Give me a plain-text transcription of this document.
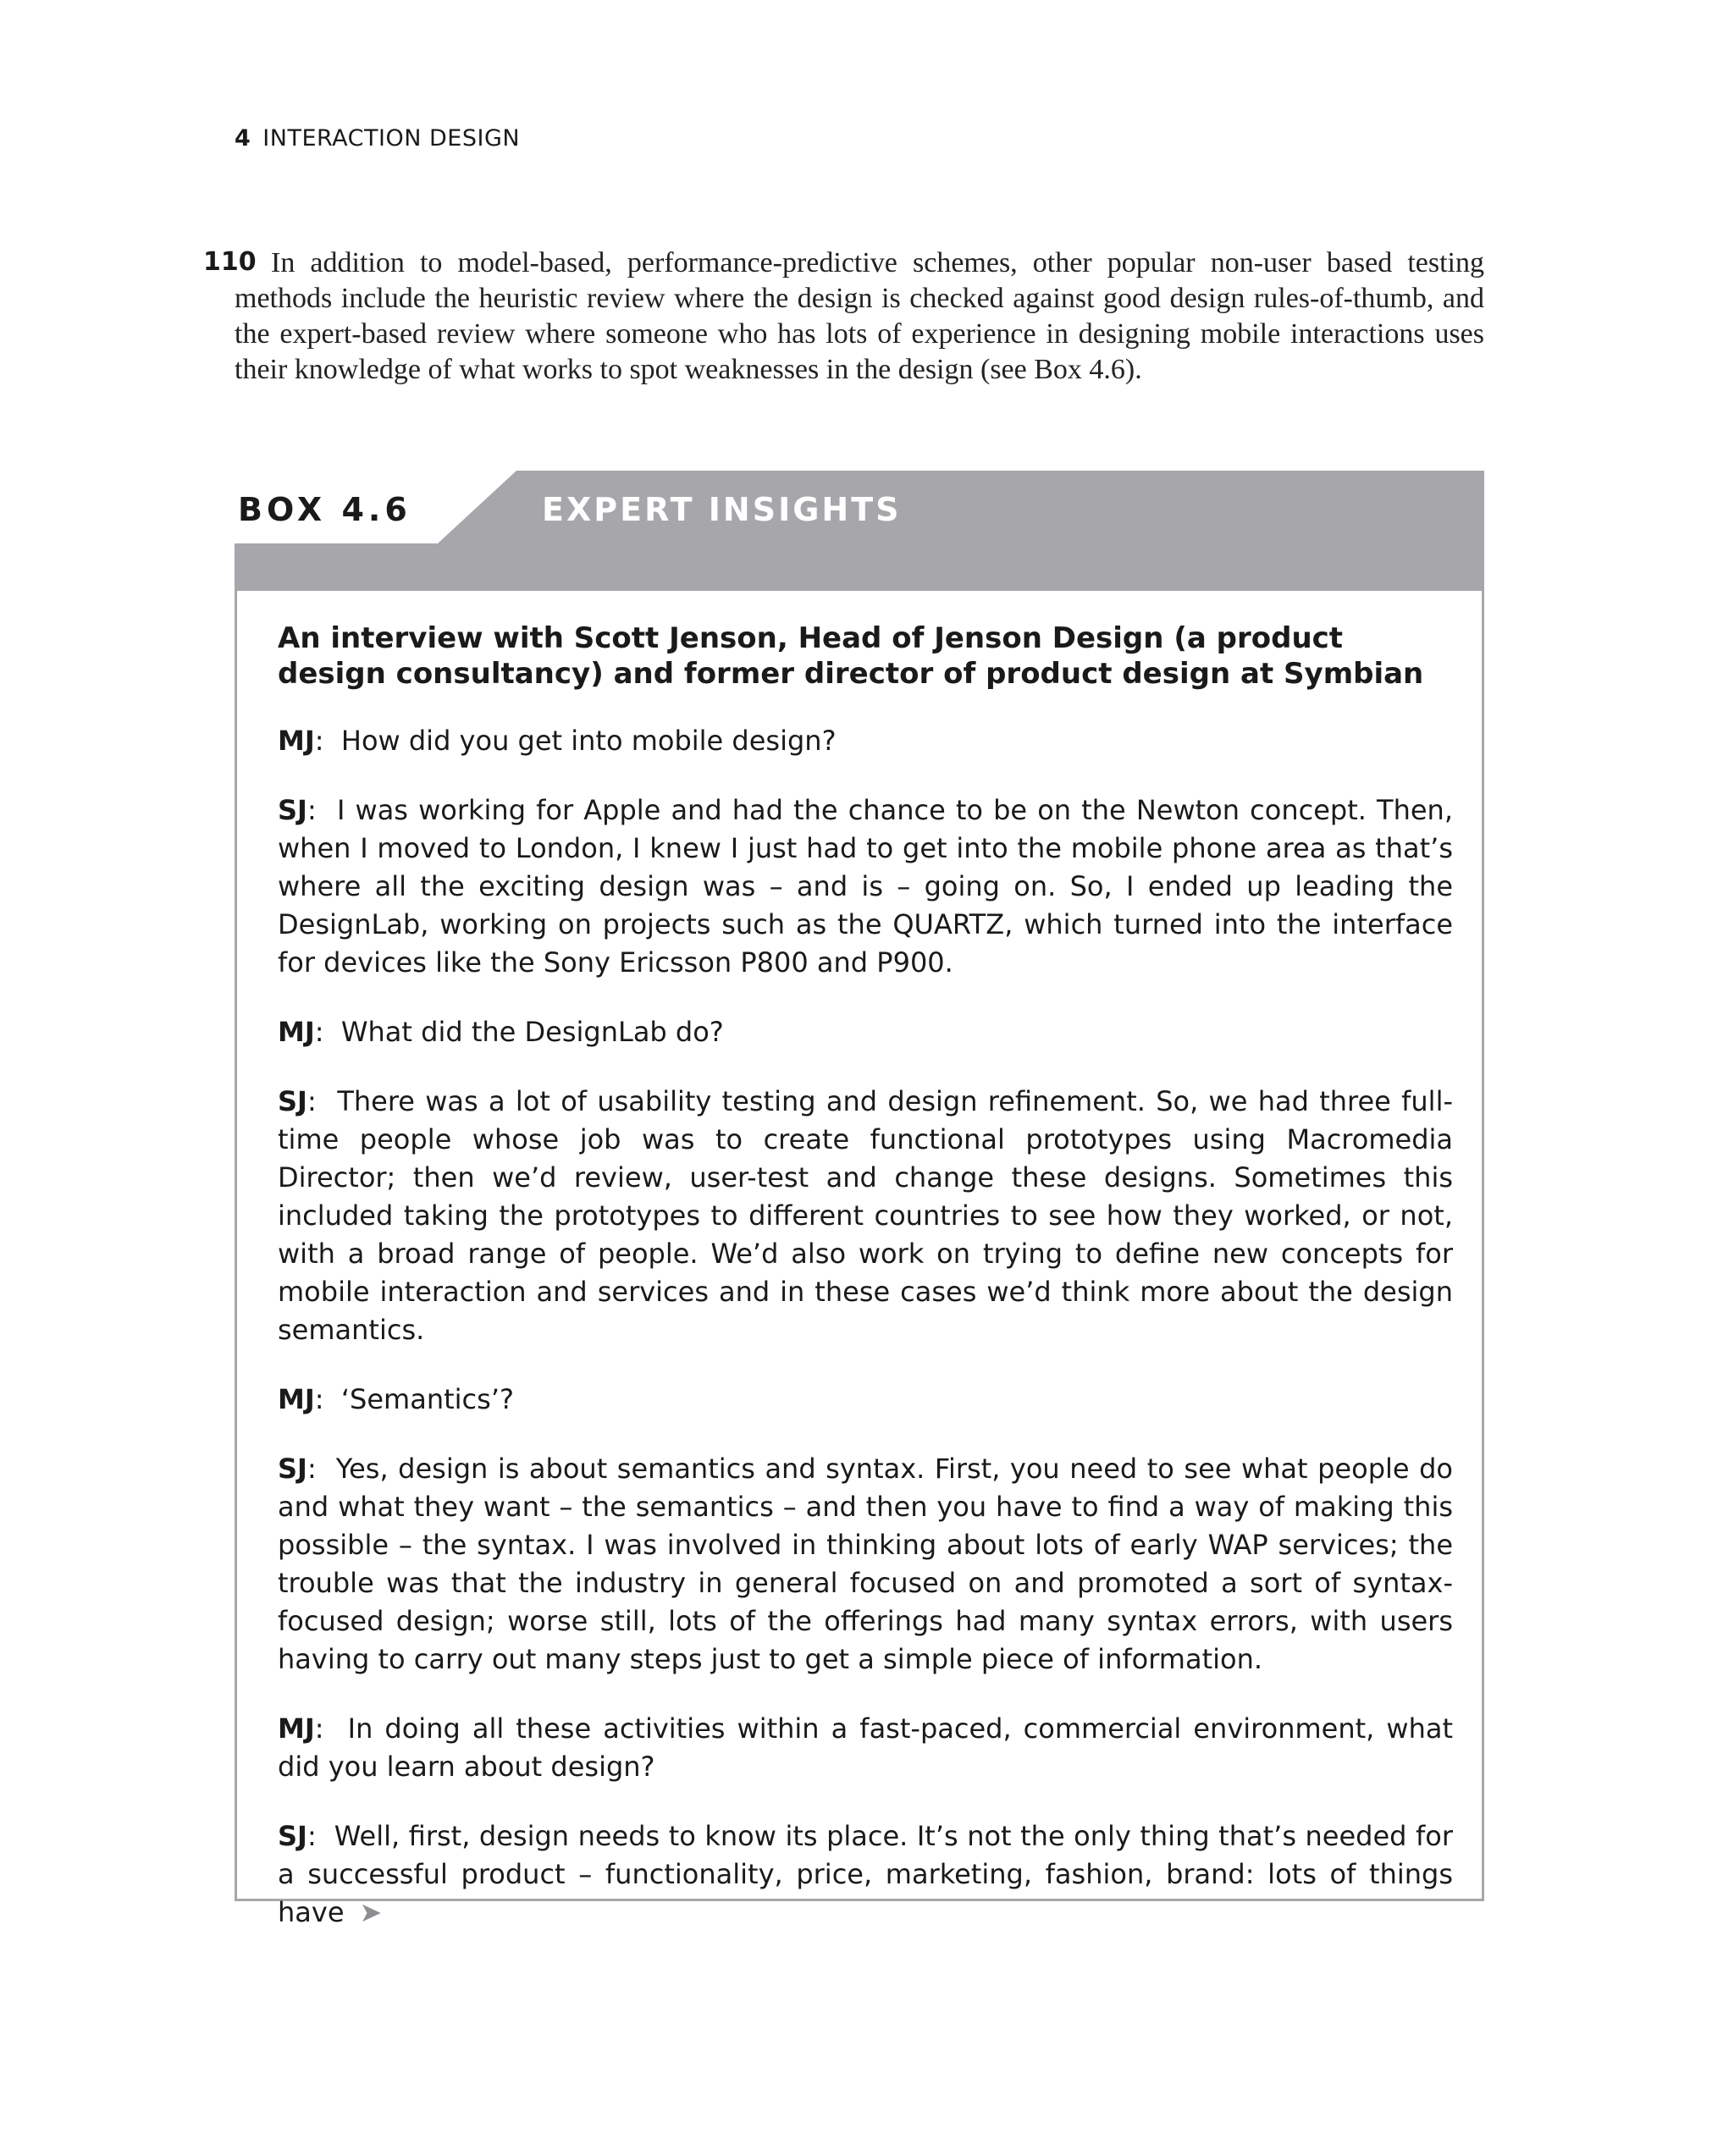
110
4 INTERACTION DESIGN

In addition to model-based, performance-predictive schemes, other popular non-user based testing methods include the heuristic review where the design is checked against good design rules-of-thumb, and the expert-based review where someone who has lots of experience in designing mobile interactions uses their knowledge of what works to spot weaknesses in the design (see Box 4.6).

BOX 4.6	EXPERT INSIGHTS

An interview with Scott Jenson, Head of Jenson Design (a product design consultancy) and former director of product design at Symbian

MJ:  How did you get into mobile design?

SJ:  I was working for Apple and had the chance to be on the Newton concept. Then, when I moved to London, I knew I just had to get into the mobile phone area as that’s where all the exciting design was – and is – going on. So, I ended up leading the DesignLab, working on projects such as the QUARTZ, which turned into the interface for devices like the Sony Ericsson P800 and P900.

MJ:  What did the DesignLab do?

SJ:  There was a lot of usability testing and design refinement. So, we had three full-time people whose job was to create functional prototypes using Macromedia Director; then we’d review, user-test and change these designs. Sometimes this included taking the prototypes to different countries to see how they worked, or not, with a broad range of people. We’d also work on trying to define new concepts for mobile interaction and services and in these cases we’d think more about the design semantics.

MJ:  ‘Semantics’?

SJ:  Yes, design is about semantics and syntax. First, you need to see what people do and what they want – the semantics – and then you have to find a way of making this possible – the syntax. I was involved in thinking about lots of early WAP services; the trouble was that the industry in general focused on and promoted a sort of syntax-focused design; worse still, lots of the offerings had many syntax errors, with users having to carry out many steps just to get a simple piece of information.

MJ:  In doing all these activities within a fast-paced, commercial environment, what did you learn about design?

SJ:  Well, first, design needs to know its place. It’s not the only thing that’s needed for a successful product – functionality, price, marketing, fashion, brand: lots of things have ➤
